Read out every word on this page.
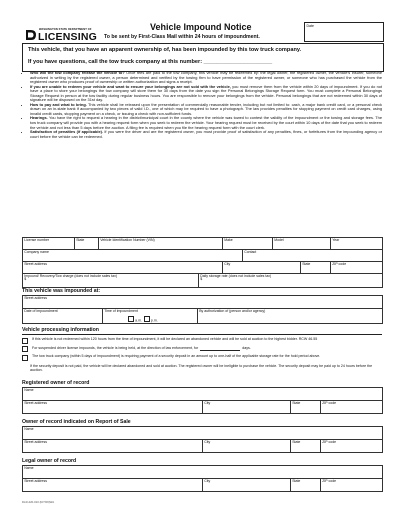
WASHINGTON STATE DEPARTMENT OF
LICENSING
Vehicle Impound Notice
To be sent by First-Class Mail within 24 hours of impoundment.
Date
This vehicle, that you have an apparent ownership of, has been impounded by this tow truck company.
If you have questions, call the tow truck company at this number: ______________________
• Who will the tow company release the vehicle to? Once fees are paid to the tow company, this vehicle may be redeemed by: the legal owner, the registered owner, the vehicle's insurer, someone authorized in writing by the registered owner, a person determined and verified by the towing firm to have permission of the registered owner, or someone who has purchased the vehicle from the registered owner who produces proof of ownership or written authorization and signs a receipt.
• If you are unable to redeem your vehicle and want to ensure your belongings are not sold with the vehicle, you must remove them from the vehicle within 20 days of impoundment. If you do not have a place to store your belongings the tow company will store them for 30 days from the date you sign the Personal Belongings Storage Request form. You must complete a Personal Belongings Storage Request in person at the tow facility during regular business hours. You are responsible to remove your belongings from the vehicle. Personal belongings that are not redeemed within 30 days of signature will be disposed on the 31st day.
• How to pay and what to bring. This vehicle shall be released upon the presentation of commercially reasonable tender, including but not limited to: cash, a major bank credit card, or a personal check drawn on an in-state bank if accompanied by two pieces of valid I.D., one of which may be required to have a photograph. The law provides penalties for stopping payment on credit card charges, using invalid credit cards, stopping payment on a check, or issuing a check with non-sufficient funds.
• Hearings. You have the right to request a hearing in the district/municipal court in the county where the vehicle was towed to contest the validity of the impoundment or the towing and storage fees. The tow truck company will provide you with a hearing request form when you seek to redeem the vehicle. Your hearing request must be received by the court within 10 days of the date that you seek to redeem the vehicle and not less than 5 days before the auction. A filing fee is required when you file the hearing request form with the court clerk.
• Satisfaction of penalties (if applicable). If you were the driver and are the registered owner, you must provide proof of satisfaction of any penalties, fines, or forfeitures from the impounding agency or court before the vehicle can be redeemed.
License number	State	Vehicle Identification Number (VIN)		Make		Model		Year
Company name					Contact			
Street address				City			State	ZIP code
Impound/ Recovery/Tow charge (does not include sales tax)
$			Daily storage rate (does not include sales tax)
$					
This vehicle was impounded at:
Street address
Date of impoundment	Time of impoundment
a.m.	p.m.	By authorization of (person and/or agency)
Vehicle processing information
If this vehicle is not redeemed within 120 hours from the time of impoundment, it will be declared an abandoned vehicle and will be sold at auction to the highest bidder. RCW 46.55
For suspended driver license impounds, the vehicle is being held, at the direction of law enforcement, for	days.
The tow truck company (within 5 days of impoundment) is requiring payment of a security deposit in an amount up to one-half of the applicable storage rate for the hold period above.
If the security deposit is not paid, the vehicle will be declared abandoned and sold at auction. The registered owner will be ineligible to purchase the vehicle. The security deposit may be paid up to 24 hours before the auction.
Registered owner of record
Name
Street address	City	State	ZIP code
Owner of record indicated on Report of Sale
Name
Street address	City	State	ZIP code
Legal owner of record
Name
Street address	City	State	ZIP code
DLR-420-010 (R/7/09)WA
